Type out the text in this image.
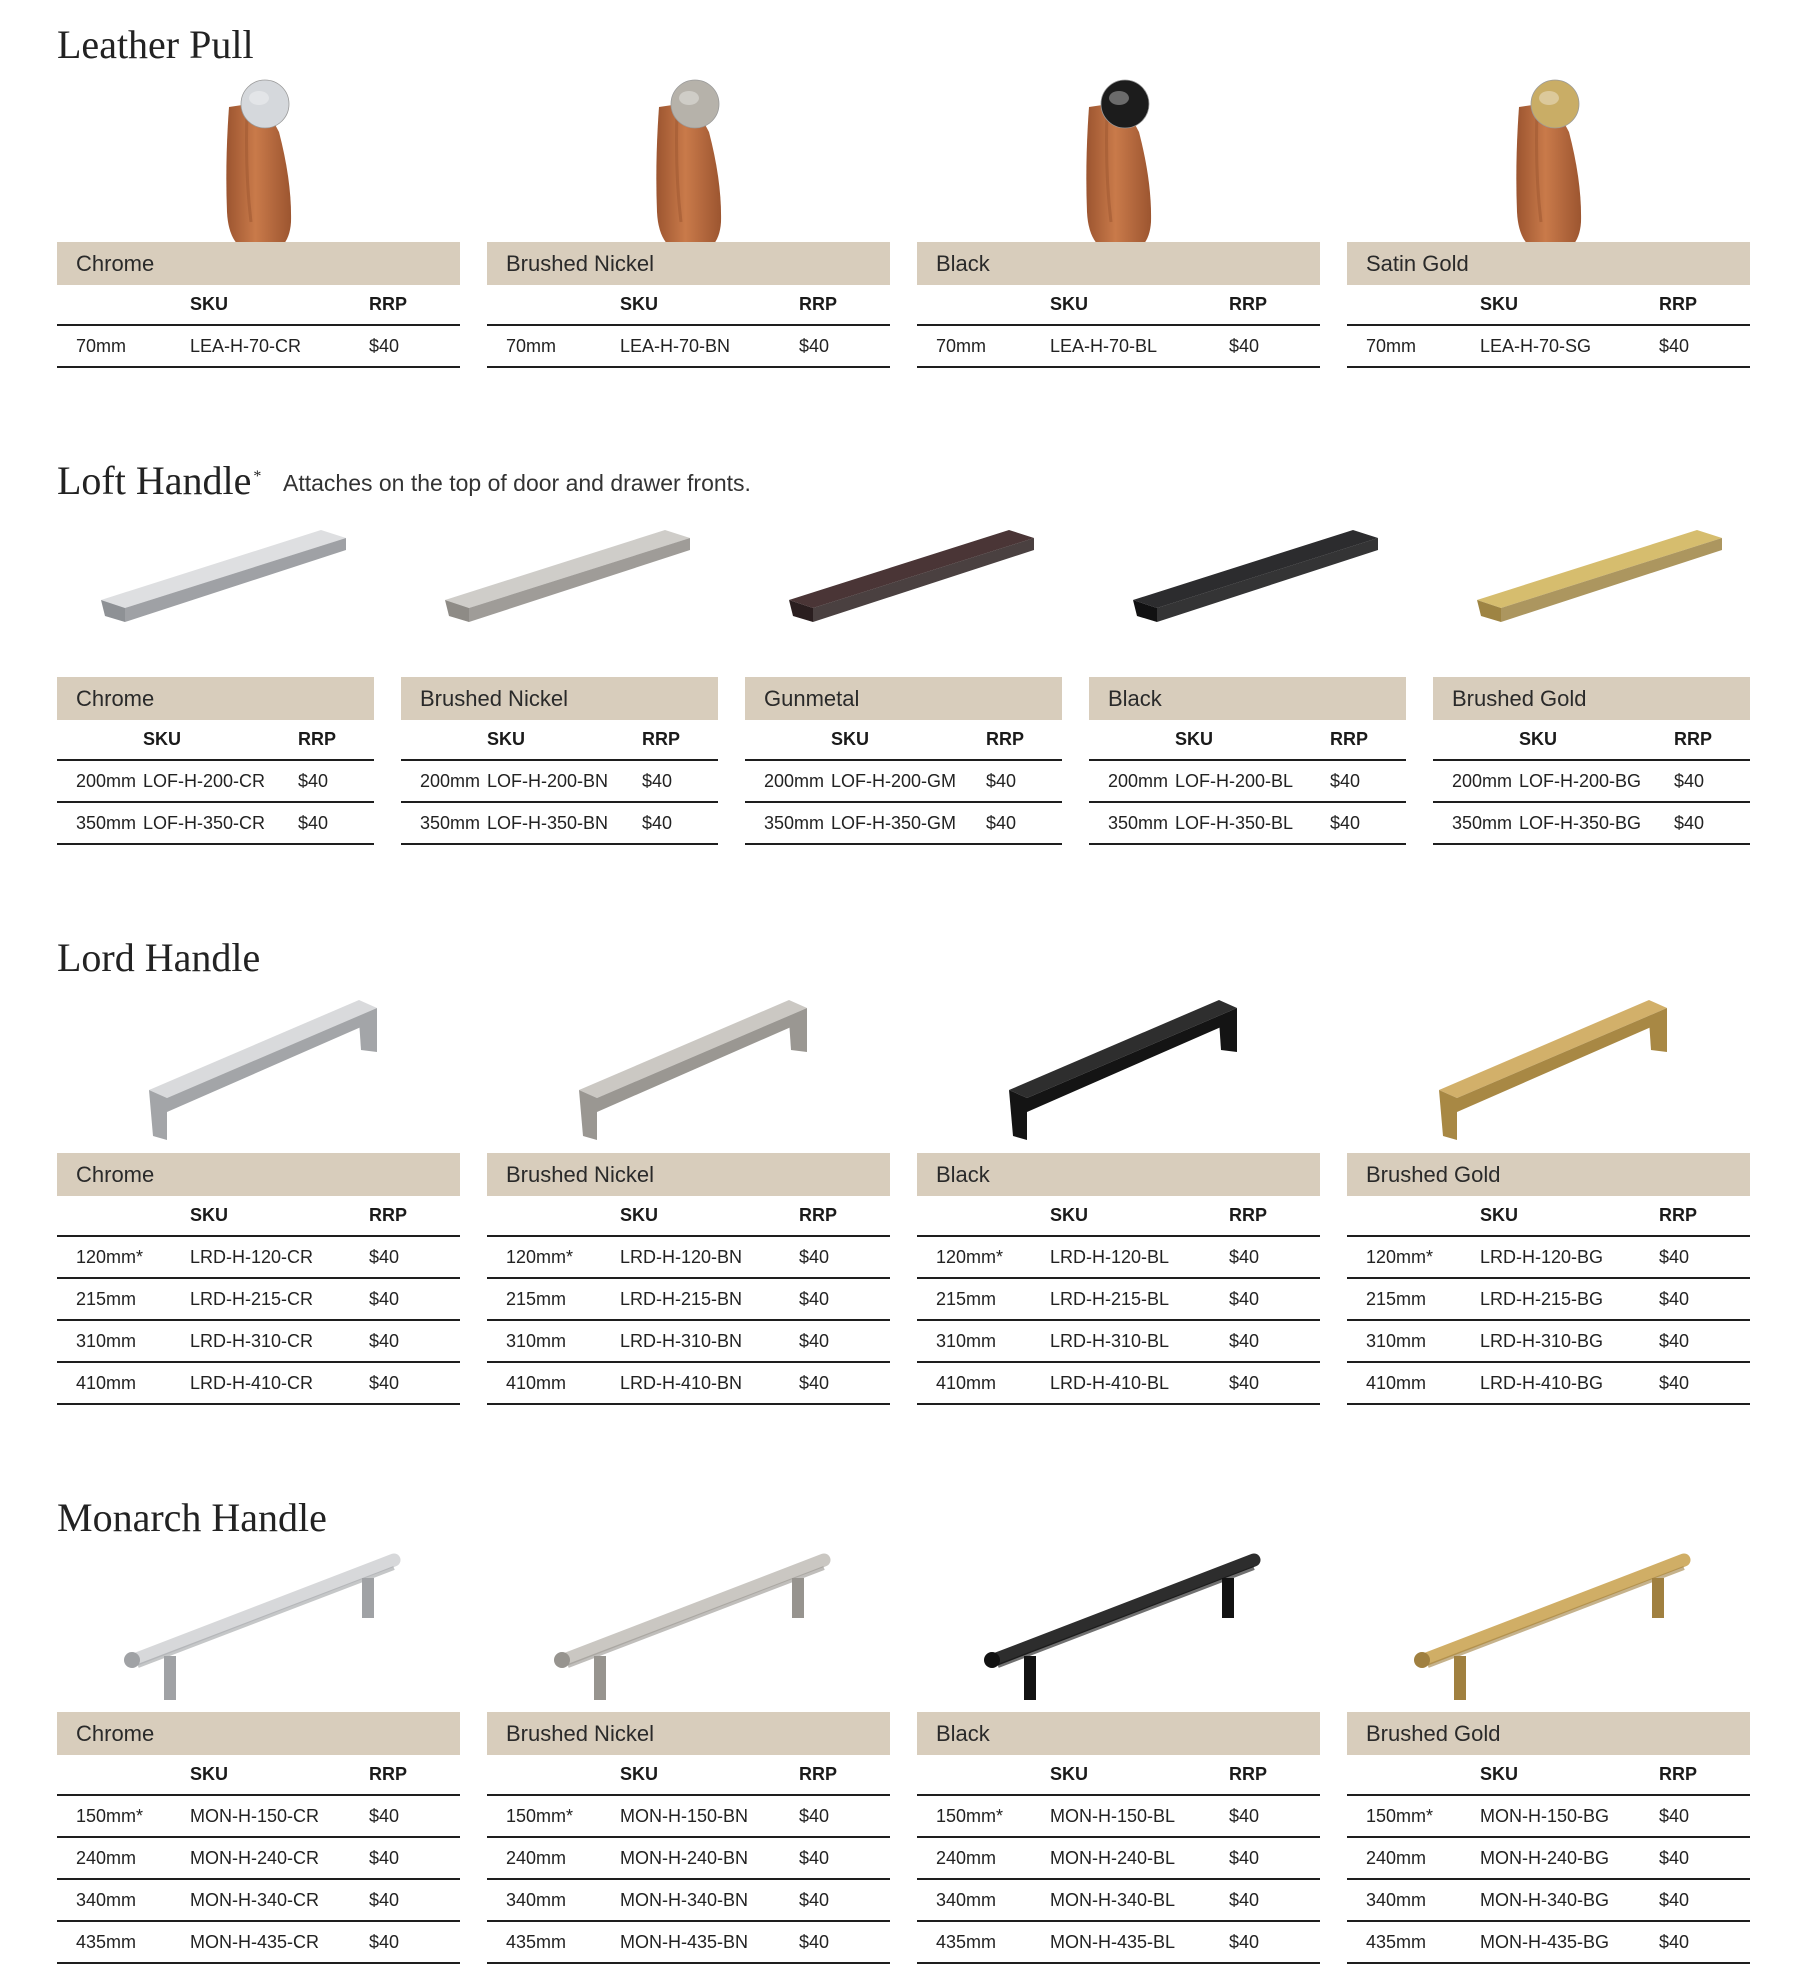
Leather Pull
Chrome
	SKU	RRP
70mm	LEA-H-70-CR	$40
Brushed Nickel
	SKU	RRP
70mm	LEA-H-70-BN	$40
Black
	SKU	RRP
70mm	LEA-H-70-BL	$40
Satin Gold
	SKU	RRP
70mm	LEA-H-70-SG	$40
Loft Handle * Attaches on the top of door and drawer fronts.
Chrome
	SKU	RRP
200mm	LOF-H-200-CR	$40
350mm	LOF-H-350-CR	$40
Brushed Nickel
	SKU	RRP
200mm	LOF-H-200-BN	$40
350mm	LOF-H-350-BN	$40
Gunmetal
	SKU	RRP
200mm	LOF-H-200-GM	$40
350mm	LOF-H-350-GM	$40
Black
	SKU	RRP
200mm	LOF-H-200-BL	$40
350mm	LOF-H-350-BL	$40
Brushed Gold
	SKU	RRP
200mm	LOF-H-200-BG	$40
350mm	LOF-H-350-BG	$40
Lord Handle
Chrome
	SKU	RRP
120mm*	LRD-H-120-CR	$40
215mm	LRD-H-215-CR	$40
310mm	LRD-H-310-CR	$40
410mm	LRD-H-410-CR	$40
Brushed Nickel
	SKU	RRP
120mm*	LRD-H-120-BN	$40
215mm	LRD-H-215-BN	$40
310mm	LRD-H-310-BN	$40
410mm	LRD-H-410-BN	$40
Black
	SKU	RRP
120mm*	LRD-H-120-BL	$40
215mm	LRD-H-215-BL	$40
310mm	LRD-H-310-BL	$40
410mm	LRD-H-410-BL	$40
Brushed Gold
	SKU	RRP
120mm*	LRD-H-120-BG	$40
215mm	LRD-H-215-BG	$40
310mm	LRD-H-310-BG	$40
410mm	LRD-H-410-BG	$40
Monarch Handle
Chrome
	SKU	RRP
150mm*	MON-H-150-CR	$40
240mm	MON-H-240-CR	$40
340mm	MON-H-340-CR	$40
435mm	MON-H-435-CR	$40
Brushed Nickel
	SKU	RRP
150mm*	MON-H-150-BN	$40
240mm	MON-H-240-BN	$40
340mm	MON-H-340-BN	$40
435mm	MON-H-435-BN	$40
Black
	SKU	RRP
150mm*	MON-H-150-BL	$40
240mm	MON-H-240-BL	$40
340mm	MON-H-340-BL	$40
435mm	MON-H-435-BL	$40
Brushed Gold
	SKU	RRP
150mm*	MON-H-150-BG	$40
240mm	MON-H-240-BG	$40
340mm	MON-H-340-BG	$40
435mm	MON-H-435-BG	$40
